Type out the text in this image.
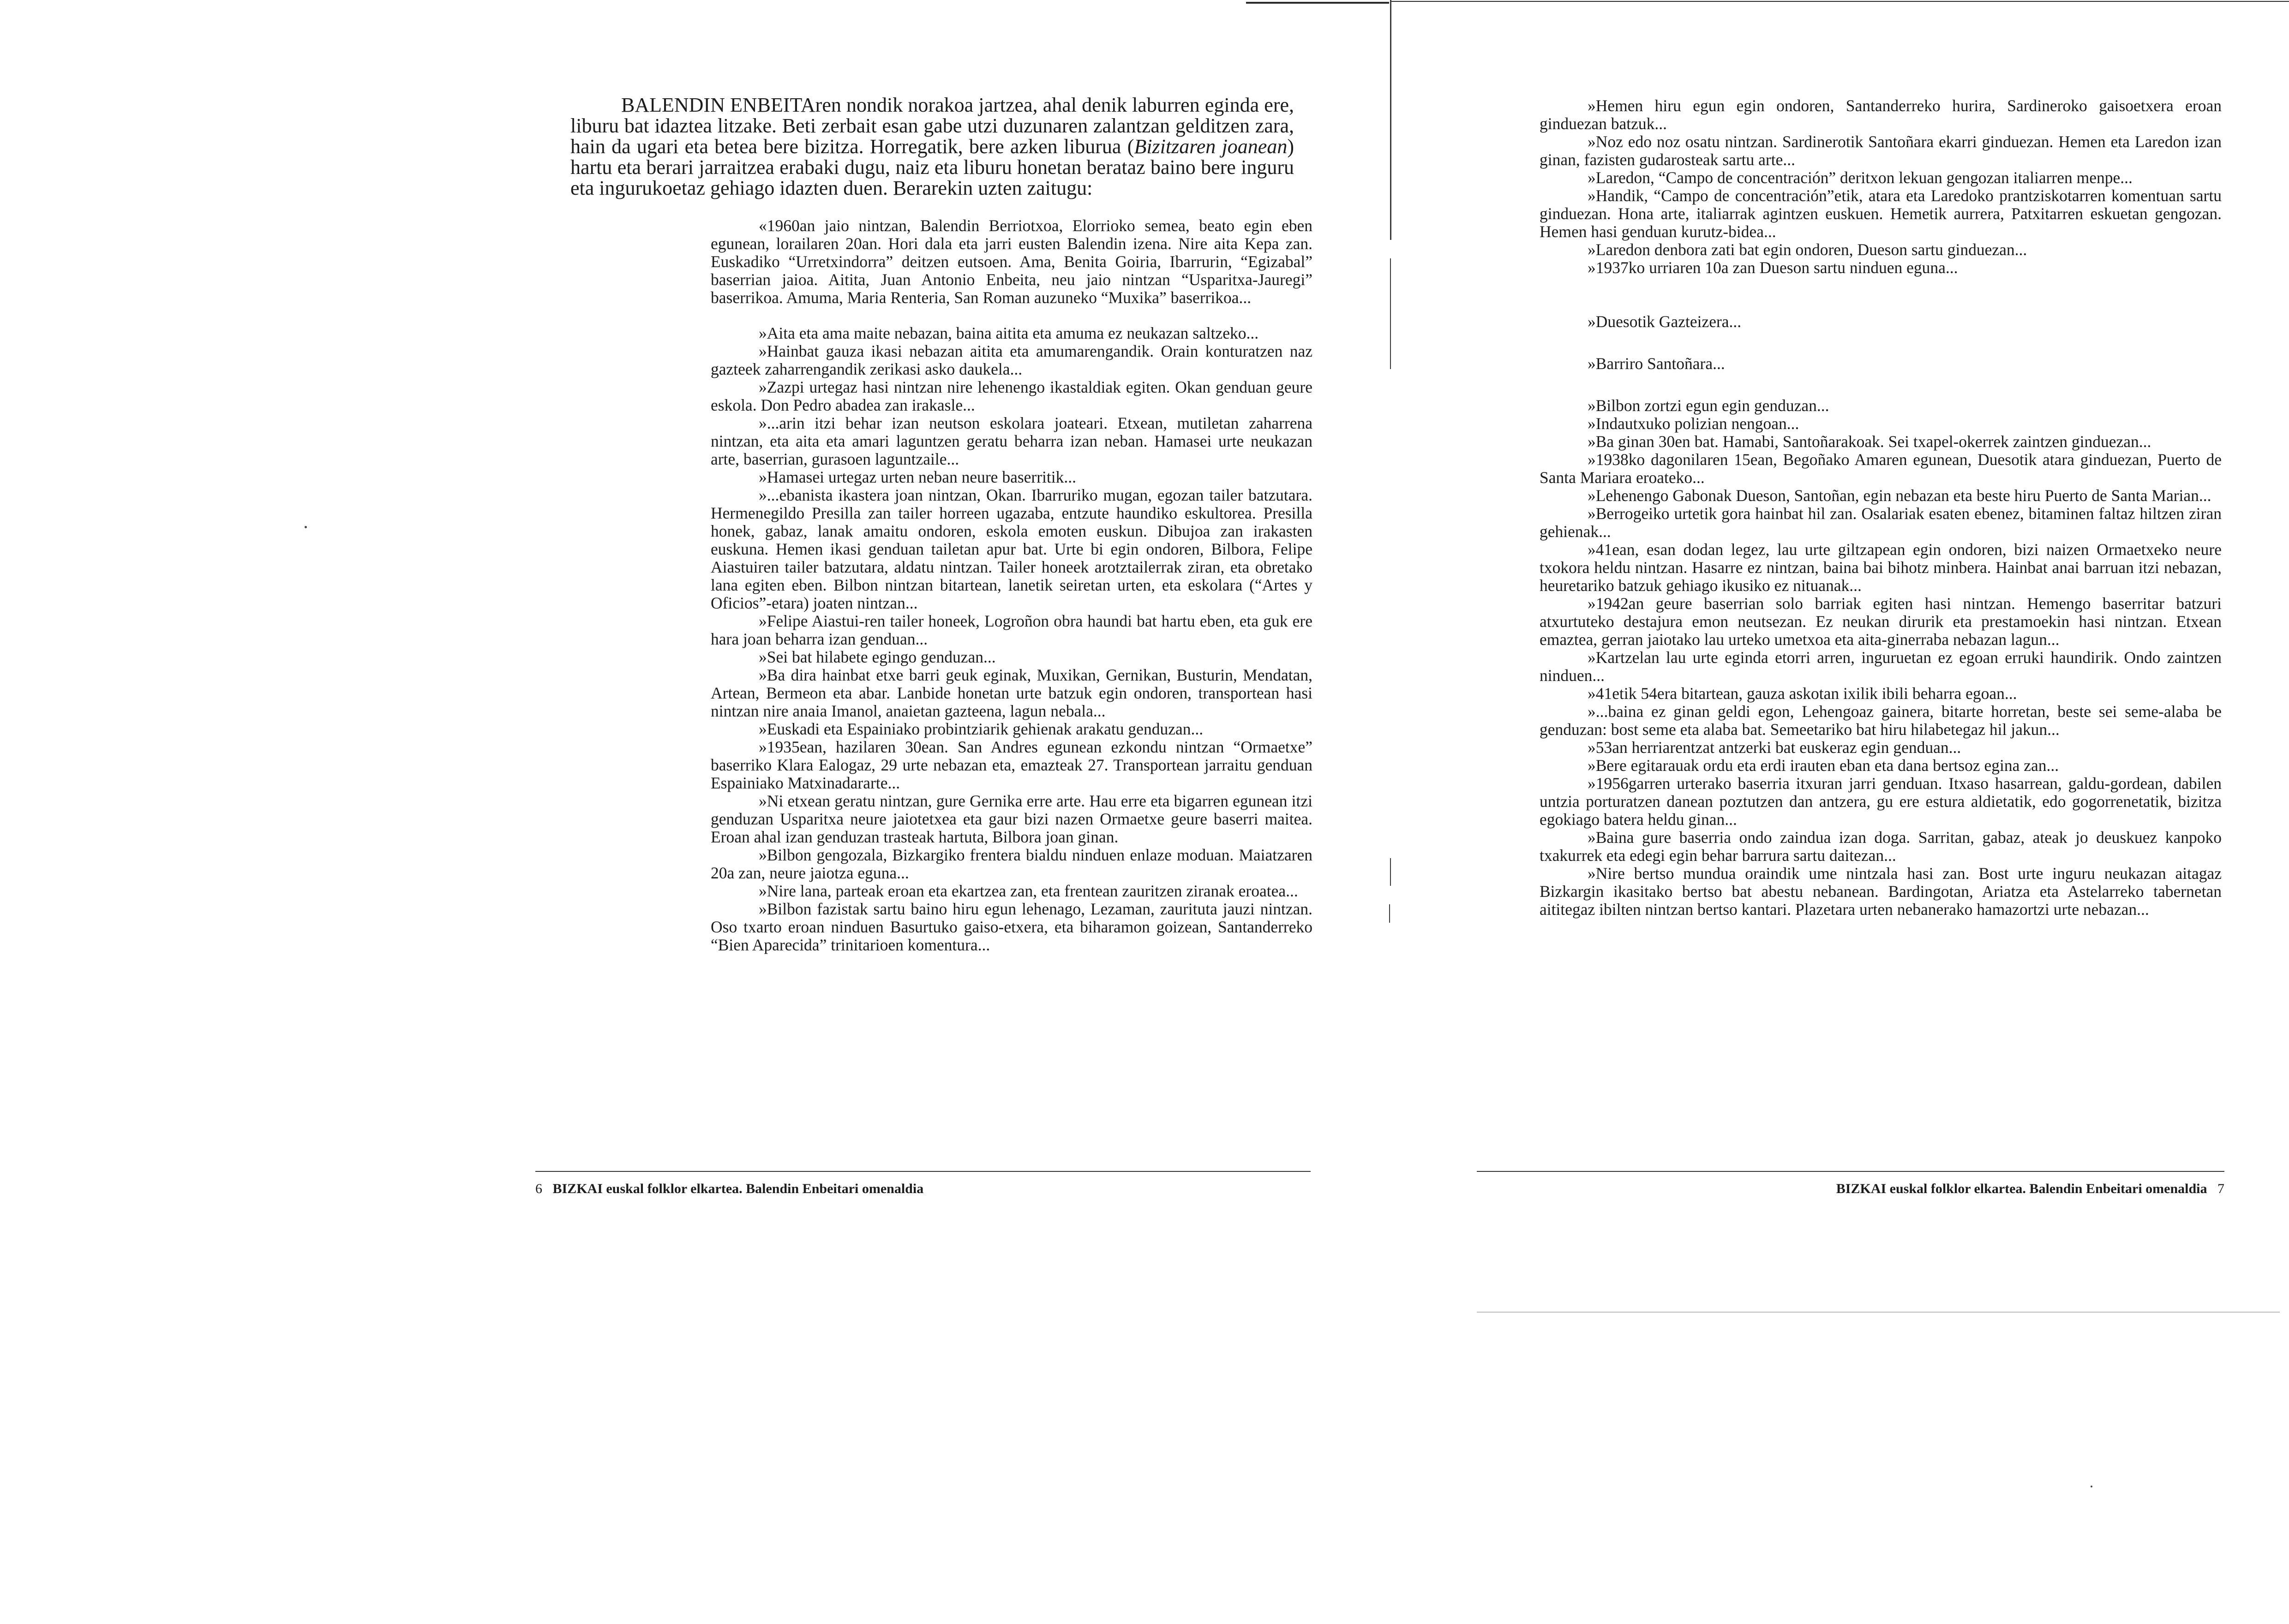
BALENDIN ENBEITAren nondik norakoa jartzea, ahal denik laburren eginda ere, liburu bat idaztea litzake. Beti zerbait esan gabe utzi duzunaren zalantzan gelditzen zara, hain da ugari eta betea bere bizitza. Horregatik, bere azken liburua (Bizitzaren joanean) hartu eta berari jarraitzea erabaki dugu, naiz eta liburu honetan berataz baino bere inguru eta ingurukoetaz gehiago idazten duen. Berarekin uzten zaitugu:

«1960an jaio nintzan, Balendin Berriotxoa, Elorrioko semea, beato egin eben egunean, lorailaren 20an. Hori dala eta jarri eusten Balendin izena. Nire aita Kepa zan. Euskadiko “Urretxindorra” deitzen eutsoen. Ama, Benita Goiria, Ibarrurin, “Egizabal” baserrian jaioa. Aitita, Juan Antonio Enbeita, neu jaio nintzan “Usparitxa-Jauregi” baserrikoa. Amuma, Maria Renteria, San Roman auzuneko “Muxika” baserrikoa...

»Aita eta ama maite nebazan, baina aitita eta amuma ez neukazan saltzeko...

»Hainbat gauza ikasi nebazan aitita eta amumarengandik. Orain konturatzen naz gazteek zaharrengandik zerikasi asko daukela...

»Zazpi urtegaz hasi nintzan nire lehenengo ikastaldiak egiten. Okan genduan geure eskola. Don Pedro abadea zan irakasle...

»...arin itzi behar izan neutson eskolara joateari. Etxean, mutiletan zaharrena nintzan, eta aita eta amari laguntzen geratu beharra izan neban. Hamasei urte neukazan arte, baserrian, gurasoen laguntzaile...

»Hamasei urtegaz urten neban neure baserritik...

»...ebanista ikastera joan nintzan, Okan. Ibarruriko mugan, egozan tailer batzutara. Hermenegildo Presilla zan tailer horreen ugazaba, entzute haundiko eskultorea. Presilla honek, gabaz, lanak amaitu ondoren, eskola emoten euskun. Dibujoa zan irakasten euskuna. Hemen ikasi genduan tailetan apur bat. Urte bi egin ondoren, Bilbora, Felipe Aiastuiren tailer batzutara, aldatu nintzan. Tailer honeek arotztailerrak ziran, eta obretako lana egiten eben. Bilbon nintzan bitartean, lanetik seiretan urten, eta eskolara (“Artes y Oficios”-etara) joaten nintzan...

»Felipe Aiastui-ren tailer honeek, Logroñon obra haundi bat hartu eben, eta guk ere hara joan beharra izan genduan...

»Sei bat hilabete egingo genduzan...

»Ba dira hainbat etxe barri geuk eginak, Muxikan, Gernikan, Busturin, Mendatan, Artean, Bermeon eta abar. Lanbide honetan urte batzuk egin ondoren, transportean hasi nintzan nire anaia Imanol, anaietan gazteena, lagun nebala...

»Euskadi eta Espainiako probintziarik gehienak arakatu genduzan...

»1935ean, hazilaren 30ean. San Andres egunean ezkondu nintzan “Ormaetxe” baserriko Klara Ealogaz, 29 urte nebazan eta, emazteak 27. Transportean jarraitu genduan Espainiako Matxinadararte...

»Ni etxean geratu nintzan, gure Gernika erre arte. Hau erre eta bigarren egunean itzi genduzan Usparitxa neure jaiotetxea eta gaur bizi nazen Ormaetxe geure baserri maitea. Eroan ahal izan genduzan trasteak hartuta, Bilbora joan ginan.

»Bilbon gengozala, Bizkargiko frentera bialdu ninduen enlaze moduan. Maiatzaren 20a zan, neure jaiotza eguna...

»Nire lana, parteak eroan eta ekartzea zan, eta frentean zauritzen ziranak eroatea...

»Bilbon fazistak sartu baino hiru egun lehenago, Lezaman, zaurituta jauzi nintzan. Oso txarto eroan ninduen Basurtuko gaiso-etxera, eta biharamon goizean, Santanderreko “Bien Aparecida” trinitarioen komentura...

6 BIZKAI euskal folklor elkartea. Balendin Enbeitari omenaldia

»Hemen hiru egun egin ondoren, Santanderreko hurira, Sardineroko gaisoetxera eroan ginduezan batzuk...

»Noz edo noz osatu nintzan. Sardinerotik Santoñara ekarri ginduezan. Hemen eta Laredon izan ginan, fazisten gudarosteak sartu arte...

»Laredon, “Campo de concentración” deritxon lekuan gengozan italiarren menpe...

»Handik, “Campo de concentración”etik, atara eta Laredoko prantziskotarren komentuan sartu ginduezan. Hona arte, italiarrak agintzen euskuen. Hemetik aurrera, Patxitarren eskuetan gengozan. Hemen hasi genduan kurutz-bidea...

»Laredon denbora zati bat egin ondoren, Dueson sartu ginduezan...

»1937ko urriaren 10a zan Dueson sartu ninduen eguna...

»Duesotik Gazteizera...

»Barriro Santoñara...

»Bilbon zortzi egun egin genduzan...

»Indautxuko polizian nengoan...

»Ba ginan 30en bat. Hamabi, Santoñarakoak. Sei txapel-okerrek zaintzen ginduezan...

»1938ko dagonilaren 15ean, Begoñako Amaren egunean, Duesotik atara ginduezan, Puerto de Santa Mariara eroateko...

»Lehenengo Gabonak Dueson, Santoñan, egin nebazan eta beste hiru Puerto de Santa Marian...

»Berrogeiko urtetik gora hainbat hil zan. Osalariak esaten ebenez, bitaminen faltaz hiltzen ziran gehienak...

»41ean, esan dodan legez, lau urte giltzapean egin ondoren, bizi naizen Ormaetxeko neure txokora heldu nintzan. Hasarre ez nintzan, baina bai bihotz minbera. Hainbat anai barruan itzi nebazan, heuretariko batzuk gehiago ikusiko ez nituanak...

»1942an geure baserrian solo barriak egiten hasi nintzan. Hemengo baserritar batzuri atxurtuteko destajura emon neutsezan. Ez neukan dirurik eta prestamoekin hasi nintzan. Etxean emaztea, gerran jaiotako lau urteko umetxoa eta aita-ginerraba nebazan lagun...

»Kartzelan lau urte eginda etorri arren, inguruetan ez egoan erruki haundirik. Ondo zaintzen ninduen...

»41etik 54era bitartean, gauza askotan ixilik ibili beharra egoan...

»...baina ez ginan geldi egon, Lehengoaz gainera, bitarte horretan, beste sei seme-alaba be genduzan: bost seme eta alaba bat. Semeetariko bat hiru hilabetegaz hil jakun...

»53an herriarentzat antzerki bat euskeraz egin genduan...

»Bere egitarauak ordu eta erdi irauten eban eta dana bertsoz egina zan...

»1956garren urterako baserria itxuran jarri genduan. Itxaso hasarrean, galdu-gordean, dabilen untzia porturatzen danean poztutzen dan antzera, gu ere estura aldietatik, edo gogorrenetatik, bizitza egokiago batera heldu ginan...

»Baina gure baserria ondo zaindua izan doga. Sarritan, gabaz, ateak jo deuskuez kanpoko txakurrek eta edegi egin behar barrura sartu daitezan...

»Nire bertso mundua oraindik ume nintzala hasi zan. Bost urte inguru neukazan aitagaz Bizkargin ikasitako bertso bat abestu nebanean. Bardingotan, Ariatza eta Astelarreko tabernetan aititegaz ibilten nintzan bertso kantari. Plazetara urten nebanerako hamazortzi urte nebazan...

BIZKAI euskal folklor elkartea. Balendin Enbeitari omenaldia 7
